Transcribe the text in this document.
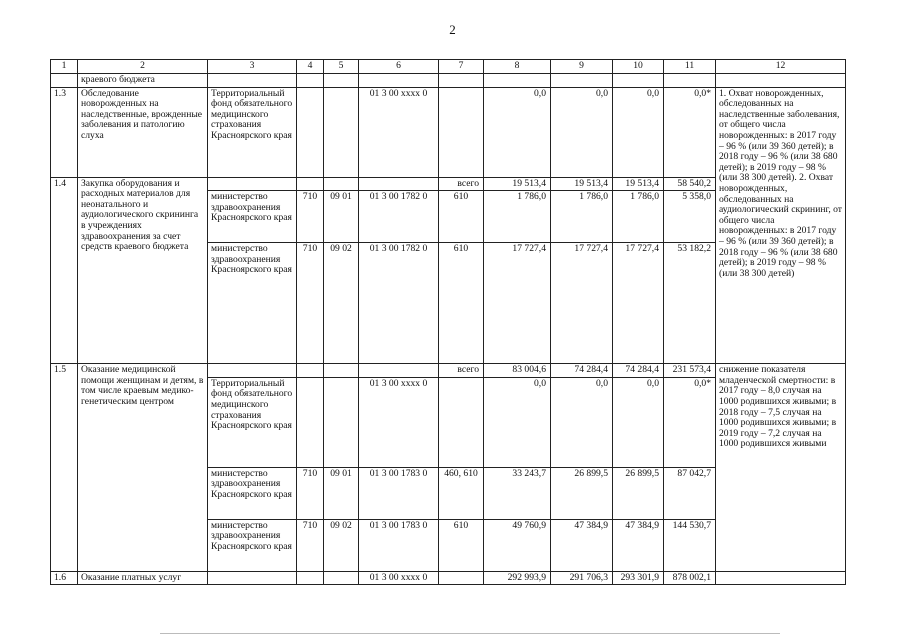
2
1	2	3	4	5	6	7	8	9	10	11	12
	краевого бюджета										
1.3	Обследование новорожденных на наследственные, врожденные заболевания и патологию слуха	Территориальный фонд обязательного медицинского страхования Красноярского края			01 3 00 хххх 0		0,0	0,0	0,0	0,0*	1. Охват новорожденных, обследованных на наследственные заболевания, от общего числа новорожденных: в 2017 году – 96 % (или 39 360 детей); в 2018 году – 96 % (или 38 680 детей); в 2019 году – 98 % (или 38 300 детей). 2. Охват новорожденных, обследованных на аудиологический скрининг, от общего числа новорожденных: в 2017 году – 96 % (или 39 360 детей); в 2018 году – 96 % (или 38 680 детей); в 2019 году – 98 % (или 38 300 детей)
1.4	Закупка оборудования и расходных материалов для неонатального и аудиологического скрининга в учреждениях здравоохранения за счет средств краевого бюджета					всего	19 513,4	19 513,4	19 513,4	58 540,2	
		министерство здравоохранения Красноярского края	710	09 01	01 3 00 1782 0	610	1 786,0	1 786,0	1 786,0	5 358,0	
		министерство здравоохранения Красноярского края	710	09 02	01 3 00 1782 0	610	17 727,4	17 727,4	17 727,4	53 182,2	
1.5	Оказание медицинской помощи женщинам и детям, в том числе краевым медико-генетическим центром					всего	83 004,6	74 284,4	74 284,4	231 573,4	снижение показателя младенческой смертности: в 2017 году – 8,0 случая на 1000 родившихся живыми; в 2018 году – 7,5 случая на 1000 родившихся живыми; в 2019 году – 7,2 случая на 1000 родившихся живыми
		Территориальный фонд обязательного медицинского страхования Красноярского края			01 3 00 хххх 0		0,0	0,0	0,0	0,0*	
		министерство здравоохранения Красноярского края	710	09 01	01 3 00 1783 0	460, 610	33 243,7	26 899,5	26 899,5	87 042,7	
		министерство здравоохранения Красноярского края	710	09 02	01 3 00 1783 0	610	49 760,9	47 384,9	47 384,9	144 530,7	
1.6	Оказание платных услуг				01 3 00 хххх 0		292 993,9	291 706,3	293 301,9	878 002,1	
